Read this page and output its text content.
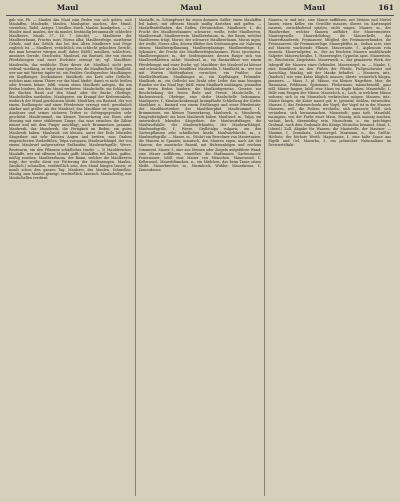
Maul	Maul	Maul	161

gab von Pb. — Maulen das Maul zum Reden von sich geben, sich Maulaffen, Maulende, Maulen, Maulspitze machen, der Mund, verziehen; Tadel, Aerger, Unwillen durch Maulen kundgeben. — 2) Mauler, mnd. maulen, der da maulet, beständig herummault; schlechte Maulbeere, Mauls. 37, 18, 7 (stockt); — Maulbeere der Maulbeerbaum, Fructus mori, Morus alba; Maulbeerfeige, moriforme Gehölz, und das Gehölz das bei den Alten Maulbeere und Feige zugleich ist. — Maulbrei, verächtlich, ein schlecht gekochtes Gericht, das man herunter würgen muß; daher (bildl.) maulbrei, schlechtes, unnützes Gerede, Geschwätz. Maulesel, ein Bastard, der von einem Pferdehengste und einer Eselstute erzeugt ist; vgl. Maulthier. Mauleselin, das weibliche Thier dieser Art. Maulfaul, nicht gern redend; wortkarg, zu träge zum Sprechen; die Maulfaulheit. Maulheld, wer nur mit Worten tapfer ist, ein Prahler, Großsprecher. Maulhänger, ein Kopfhänger, Duckmäuser. Maulkorb, ein Korb oder Geflecht, welches man einem Thiere vor das Maul bindet, damit es nicht beißen oder fressen könne; bildl. einem einen Maulkorb anlegen, ihn am Reden hindern, ihm den Mund verbieten. Maulschelle, ein Schlag mit der flachen Hand auf den Mund oder die Backe, Ohrfeige; Maulschellen austheilen. Maulsperre, ein Krampf der Kiefermuskeln, wodurch der Mund geschlossen bleibt. Maulthier, ein Bastard, der von einem Eselhengste und einer Pferdestute erzeugt wird, gewöhnlich stärker und größer als der Maulesel; das Maulthier ist wegen seiner Ausdauer und seines sicheren Trittes in Gebirgsgegenden sehr geschätzt. Maultrommel, ein kleines Tonwerkzeug aus Eisen oder Messing mit einer stählernen Zunge, das man zwischen die Zähne nimmt und mit dem Finger anschlägt; auch Brummeisen genannt. Maulwerk, das Mundwerk, die Fertigkeit im Reden; ein gutes Maulwerk haben. Maulwurf, ein kleines, unter der Erde lebendes Säugethier mit sehr kleinen Augen und breiten, zum Graben eingerichteten Vorderfüßen, Talpa europaea; Maulwurfshügel, der von einem Maulwurf aufgeworfene Erdhaufen; Maulwurfsgrille, Werre, Reutwurm, ein den Pflanzen schädliches Insekt. — 3) Mauldrescher, Maulaffe, wer mit offenem Munde gafft; Maulaffen feil haben, gaffen, müßig zusehen. Maulbeerbaum, der Baum, welcher die Maulbeeren trägt; der weiße dient zur Fütterung der Seidenraupen. Maulen, (landsch.) schmollen, verdrießlich sein, den Mund hängen lassen; er mault schon den ganzen Tag. Maulerei, das Maulen, Schmollen. Maulig, zum Maulen geneigt, verdrießlich, launisch. Maulschellig, was Maulschellen verdient.

Maulaffe, m. Schimpfwort für einen dummen Gaffer; einen Maulaffen feil haben, mit offenem Munde müßig dastehen und gaffen. — Maulaffenfeilhaben, das Gaffen, Herumstehen. Maulbeere, f., die Frucht des Maulbeerbaumes; schwarze, weiße, rothe Maulbeeren; Maulbeersaft, Maulbeerwein. Maulbeerbaum, m., der Baum, welcher Maulbeeren trägt, Morus; der schwarze Maulbeerbaum, Morus nigra; der weiße, Morus alba, dessen Blätter den Seidenraupen zur Nahrung dienen; Maulbeerpflanzung, Maulbeerplantage. Maulbeerfeige, f., Sykomore, die Frucht des Maulbeerfeigenbaumes, Ficus sycomorus. Maulbeerspinner, m., der Seidenspinner, dessen Raupe sich von Maulbeerblättern nährt. Maulesel, m., ein Bastardthier von einem Pferdehengst und einer Eselin; vgl. Maulthier; der Maulesel ist kleiner und schwächer als das Maulthier. Mauleselin, f. Maulheld, m., wer nur mit Worten Heldenthaten verrichtet, ein Prahler; das Maulheldenthum. Maulhänger, m., ein Kopfhänger, Frömmler. Maulkorb, m., ein Geflecht aus Draht oder Leder, das man bissigen Hunden vor das Maul legt; bildl. einen Maulkorb umhängen, jemanden am freien Reden hindern; die Maulkorbgesetze, Gesetze zur Beschränkung der freien Rede und Presse. Maulschelle, f., Backenstreich, Ohrfeige; eine derbe Maulschelle bekommen. Maulsperre, f., Kinnbackenkrampf, krampfhafte Schließung der Kiefer. Maulthier, n., Bastard von einem Eselhengst und einer Pferdestute; der Maulthiertreiber, der Maulthierpfad. Maultrommel, f., Brummeisen, ein kleines Tonwerkzeug. Maulwerk, n., Mundwerk, Zungenfertigkeit; ein loses Maulwerk haben. Maulwurf, m., Talpa, ein unterirdisch lebendes Säugethier; der Maulwurfsfänger, die Maulwurfsfalle, der Maulwurfshaufen, der Maulwurfshügel. Maulwurfsgrille, f., Werre, Gryllotalpa vulgaris, ein den Gartenpflanzen sehr schädliches Insekt. Maulwurfskrebs, m., s. Maulwurfsgrille. — Maure, m., (Mohr) ein Bewohner von Mauretanien; die Mauren in Spanien; maurisch, den Mauren eigen, nach Art der Mauren; der maurische Baustil, mit Hufeisenbögen und reichem Ornament. Mauer, f., eine aus Steinen oder Ziegeln aufgeführte Wand; eine Mauer aufführen, einreißen; die Stadtmauer, Gartenmauer, Feuermauer; bildl. eine Mauer von Menschen. Mauerassel, f., Kellerassel. Mauerblümchen, n., ein Mädchen, das beim Tanze sitzen bleibt. Mauerbrecher, m., Sturmbock, Widder. Mauerkrone, f., Zinnenkrone.

Mauern, tr. und intr., eine Mauer aufführen, mit Steinen und Mörtel bauen; einen Keller, ein Gewölbe mauern; übertr. im Kartenspiel mauern, zurückhaltend spielen, nicht wagen. Maurer, m., der Handwerker, welcher Mauern aufführt; der Maurermeister, Maurergeselle, Maurerlehrling; die Maurerkelle, das Maurerhandwerk; Freimaurer, Mitglied des Freimaurerbundes; die Freimaurerei, die Freimaurerloge. Mauerpfeffer, m., Sedum acre, eine auf Mauern wachsende Pflanze. Mauerraute, f., Asplenium ruta muraria. Mauersalpeter, m., der an feuchten Mauern ausblühende Salpeter. Mauerschwalbe, f., Mauersegler, Cypselus apus. Mauerstein, m., Bruchstein, Ziegelstein. Mauerwerk, n., das gemauerte Werk, der Inbegriff der Mauern eines Gebäudes. Mauerziegel, m. — Mauke, f., eine Krankheit an den Füßen der Pferde, Fußgeschwulst mit Ausschlag. Maukig, mit der Mauke behaftet. — Maunzen, intr., (landsch.) wie eine Katze kläglich miauen; übertr. weinerlich klagen, jammern. — Maus, f., pl. Mäuse, ein kleines Nagethier, Mus; die Hausmaus, Feldmaus, Spitzmaus, Fledermaus; mäuschenstill, ganz still; Mäuse fangen; bildl. eine Maus im Kopfe haben. Mausefalle, f., Falle zum Fangen der Mäuse. Mauseloch, n., Loch, in welchem Mäuse wohnen; sich in ein Mauseloch verkriechen mögen. Mausen, intr., Mäuse fangen; die Katze maust gut; tr. (gemein) stehlen, entwenden. Mauser, f., das Federwechseln der Vögel; der Vogel ist in der Mauser. Mausern, refl., die Federn wechseln; sich mausern; bildl. sich verändern, sich herausmachen. Mausetodt, ganz todt. Mausfahl, mausgrau, von der Farbe einer Maus. Mausig, sich mausig machen, vorlaut, keck, übermüthig sein. Mausoleum, n., ein prächtiges Grabmal, nach dem Grabmale des Königs Mausolus benannt. Maut, f., (oberd.) Zoll, Abgabe für Waaren; die Mautstelle, der Mautner. — Maxime, f., Grundsatz, Lebensregel. Maximum, n., das Größte, Höchste, der höchste Werth. Mayonnaise, f., eine kalte Sauce aus Eigelb und Oel. Mazurka, f., ein polnischer Nationaltanz im Dreivierteltakt.
